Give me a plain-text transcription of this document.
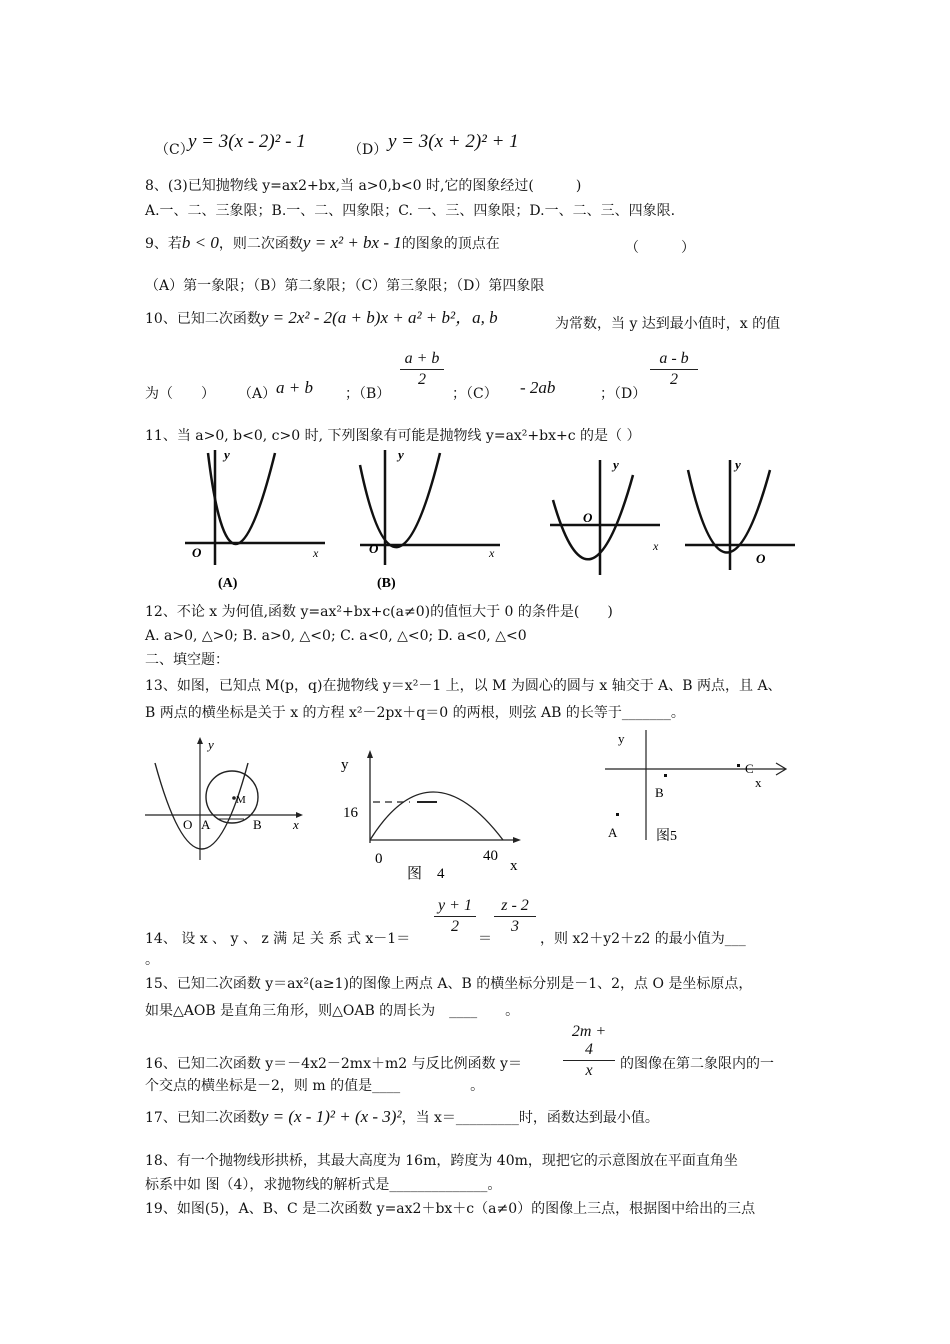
（C）
y = 3(x - 2)² - 1	（D） y = 3(x + 2)² + 1
8、(3)已知抛物线 y=ax2+bx,当 a>0,b<0 时,它的图象经过(　　　)
A.一、二、三象限；B.一、二、四象限；C. 一、三、四象限；D.一、二、三、四象限.
9、若b < 0，则二次函数y = x² + bx - 1的图象的顶点在	（　　　）
（A）第一象限；（B）第二象限；（C）第三象限；（D）第四象限
10、已知二次函数y = 2x² - 2(a + b)x + a² + b²，a, b	为常数，当 y 达到最小值时，x 的值
为（　　） （A） a + b ；（B）
$\frac{a + b}{2}$
；（C） - 2ab	；（D）
$\frac{a - b}{2}$
11、当 a>0, b<0, c>0 时, 下列图象有可能是抛物线 y=ax²+bx+c 的是（ ）
y
O	x
(A)
y
O	x
(B)
y
O
x
y
O
12、不论 x 为何值,函数 y=ax²+bx+c(a≠0)的值恒大于 0 的条件是(　　)
A. a>0, △>0; B. a>0, △<0; C. a<0, △<0; D. a<0, △<0
二、填空题：
13、如图，已知点 M(p，q)在抛物线 y＝x²－1 上，以 M 为圆心的圆与 x 轴交于 A、B 两点，且 A、
B 两点的横坐标是关于 x 的方程 x²－2px＋q＝0 的两根，则弦 AB 的长等于_______。
y
x
O A	B
M
y
16
0	40
x
图　4
y
x
B
C
A	图5
14、 设 x 、 y 、 z 满 足 关 系 式 x－1＝
$\frac{y + 1}{2}$
＝
$\frac{z - 2}{3}$
，则 x2＋y2＋z2 的最小值为___
。
15、已知二次函数 y＝ax²(a≥1)的图像上两点 A、B 的横坐标分别是－1、2，点 O 是坐标原点，
如果△AOB 是直角三角形，则△OAB 的周长为　____　　。
16、已知二次函数 y＝－4x2－2mx＋m2 与反比例函数 y＝	$\frac{2m + 4}{x}$ 的图像在第二象限内的一
个交点的横坐标是－2，则 m 的值是____　　　　　。
17、已知二次函数y = (x - 1)² + (x - 3)²，当 x＝_________时，函数达到最小值。
18、有一个抛物线形拱桥，其最大高度为 16m，跨度为 40m，现把它的示意图放在平面直角坐
标系中如 图（4），求抛物线的解析式是______________。
19、如图(5)，A、B、C 是二次函数 y=ax2＋bx＋c（a≠0）的图像上三点，根据图中给出的三点
